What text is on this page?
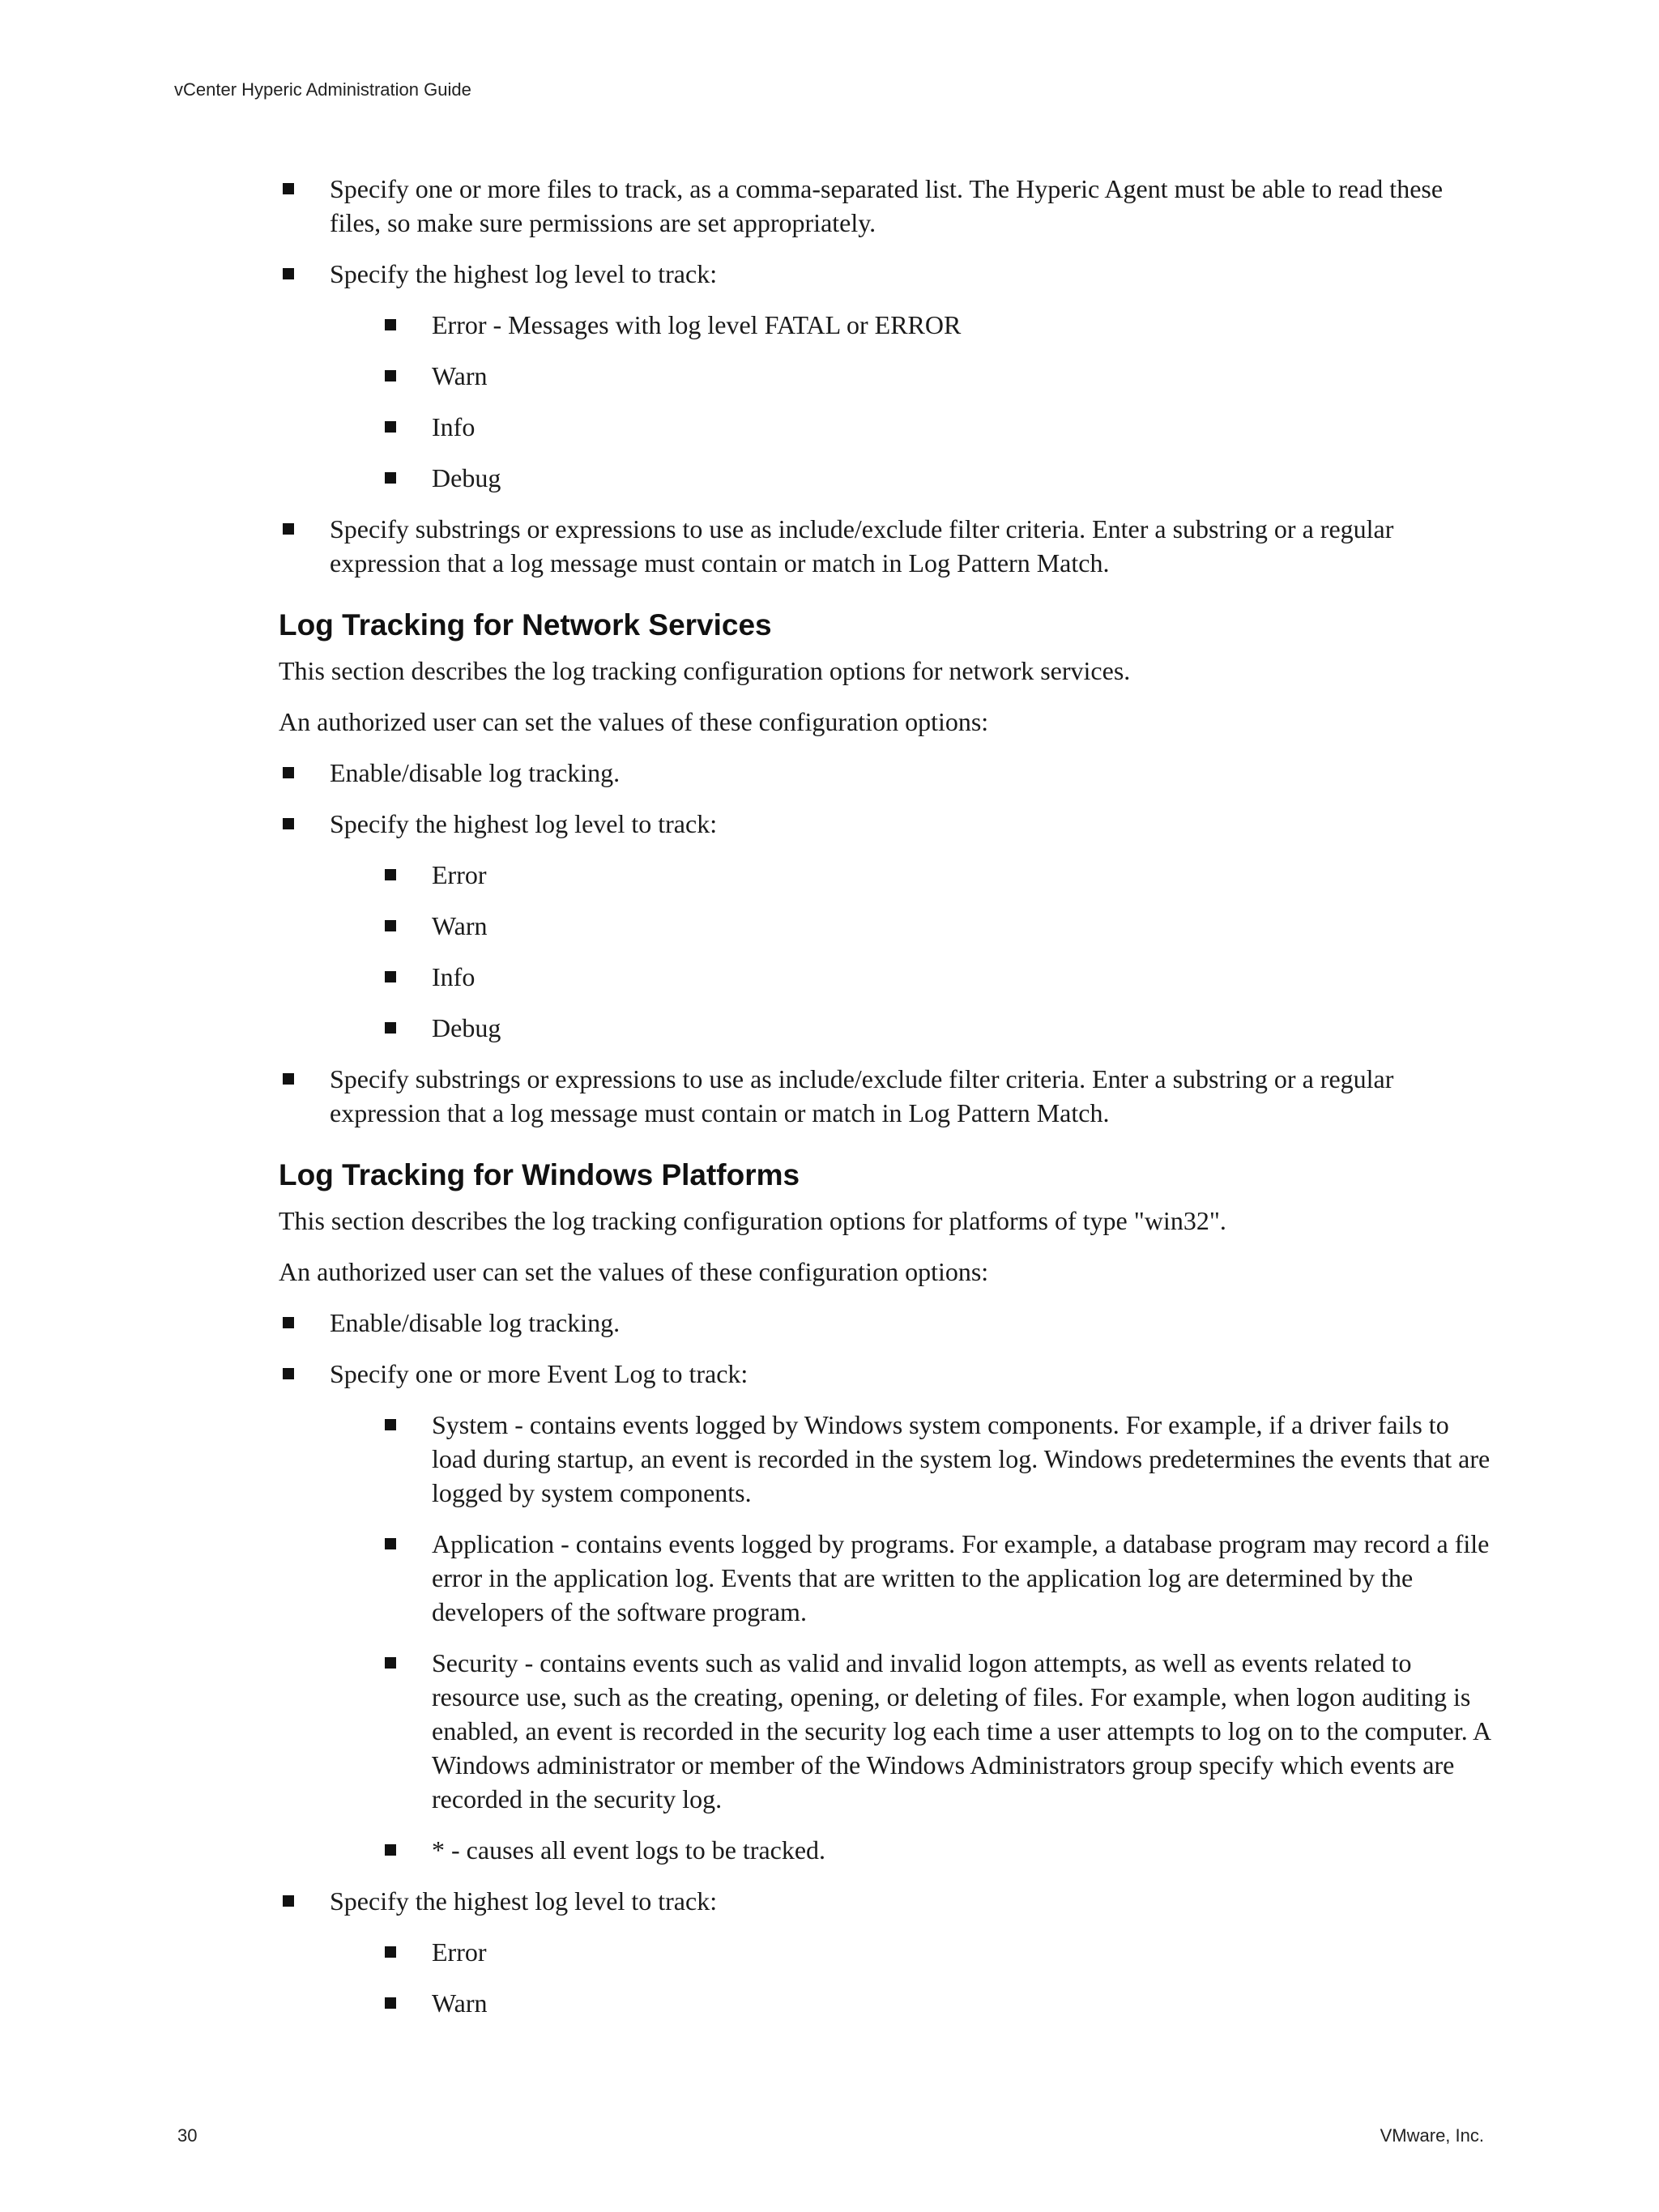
vCenter Hyperic Administration Guide
Specify one or more files to track, as a comma-separated list. The Hyperic Agent must be able to read these files, so make sure permissions are set appropriately.
Specify the highest log level to track:
Error - Messages with log level FATAL or ERROR
Warn
Info
Debug
Specify substrings or expressions to use as include/exclude filter criteria. Enter a substring or a regular expression that a log message must contain or match in Log Pattern Match.
Log Tracking for Network Services

This section describes the log tracking configuration options for network services.

An authorized user can set the values of these configuration options:

Enable/disable log tracking.
Specify the highest log level to track:
Error
Warn
Info
Debug
Specify substrings or expressions to use as include/exclude filter criteria. Enter a substring or a regular expression that a log message must contain or match in Log Pattern Match.
Log Tracking for Windows Platforms

This section describes the log tracking configuration options for platforms of type "win32".

An authorized user can set the values of these configuration options:

Enable/disable log tracking.
Specify one or more Event Log to track:
System - contains events logged by Windows system components. For example, if a driver fails to load during startup, an event is recorded in the system log. Windows predetermines the events that are logged by system components.
Application - contains events logged by programs. For example, a database program may record a file error in the application log. Events that are written to the application log are determined by the developers of the software program.
Security - contains events such as valid and invalid logon attempts, as well as events related to resource use, such as the creating, opening, or deleting of files. For example, when logon auditing is enabled, an event is recorded in the security log each time a user attempts to log on to the computer. A Windows administrator or member of the Windows Administrators group specify which events are recorded in the security log.
* - causes all event logs to be tracked.
Specify the highest log level to track:
Error
Warn
30	VMware, Inc.
